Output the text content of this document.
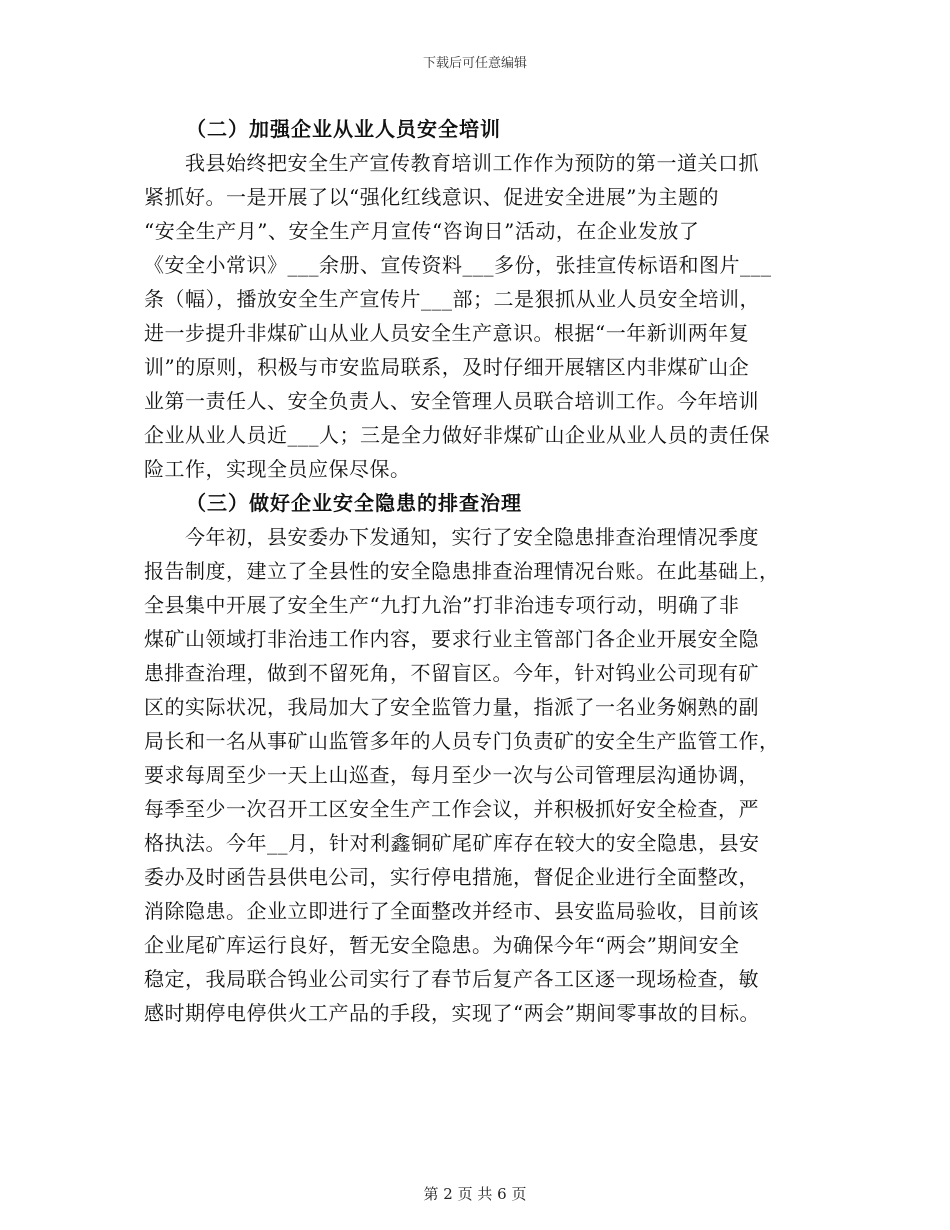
下载后可任意编辑
（二）加强企业从业人员安全培训
　　我县始终把安全生产宣传教育培训工作作为预防的第一道关口抓
紧抓好。一是开展了以“强化红线意识、促进安全进展”为主题的
“安全生产月”、安全生产月宣传“咨询日”活动，在企业发放了
《安全小常识》___余册、宣传资料___多份，张挂宣传标语和图片___
条（幅），播放安全生产宣传片___部；二是狠抓从业人员安全培训，
进一步提升非煤矿山从业人员安全生产意识。根据“一年新训两年复
训”的原则，积极与市安监局联系，及时仔细开展辖区内非煤矿山企
业第一责任人、安全负责人、安全管理人员联合培训工作。今年培训
企业从业人员近___人；三是全力做好非煤矿山企业从业人员的责任保
险工作，实现全员应保尽保。
（三）做好企业安全隐患的排查治理
　　今年初，县安委办下发通知，实行了安全隐患排查治理情况季度
报告制度，建立了全县性的安全隐患排查治理情况台账。在此基础上，
全县集中开展了安全生产“九打九治”打非治违专项行动，明确了非
煤矿山领域打非治违工作内容，要求行业主管部门各企业开展安全隐
患排查治理，做到不留死角，不留盲区。今年，针对钨业公司现有矿
区的实际状况，我局加大了安全监管力量，指派了一名业务娴熟的副
局长和一名从事矿山监管多年的人员专门负责矿的安全生产监管工作，
要求每周至少一天上山巡查，每月至少一次与公司管理层沟通协调，
每季至少一次召开工区安全生产工作会议，并积极抓好安全检查，严
格执法。今年__月，针对利鑫铜矿尾矿库存在较大的安全隐患，县安
委办及时函告县供电公司，实行停电措施，督促企业进行全面整改，
消除隐患。企业立即进行了全面整改并经市、县安监局验收，目前该
企业尾矿库运行良好，暂无安全隐患。为确保今年“两会”期间安全
稳定，我局联合钨业公司实行了春节后复产各工区逐一现场检查，敏
感时期停电停供火工产品的手段，实现了“两会”期间零事故的目标。
第 2 页 共 6 页
